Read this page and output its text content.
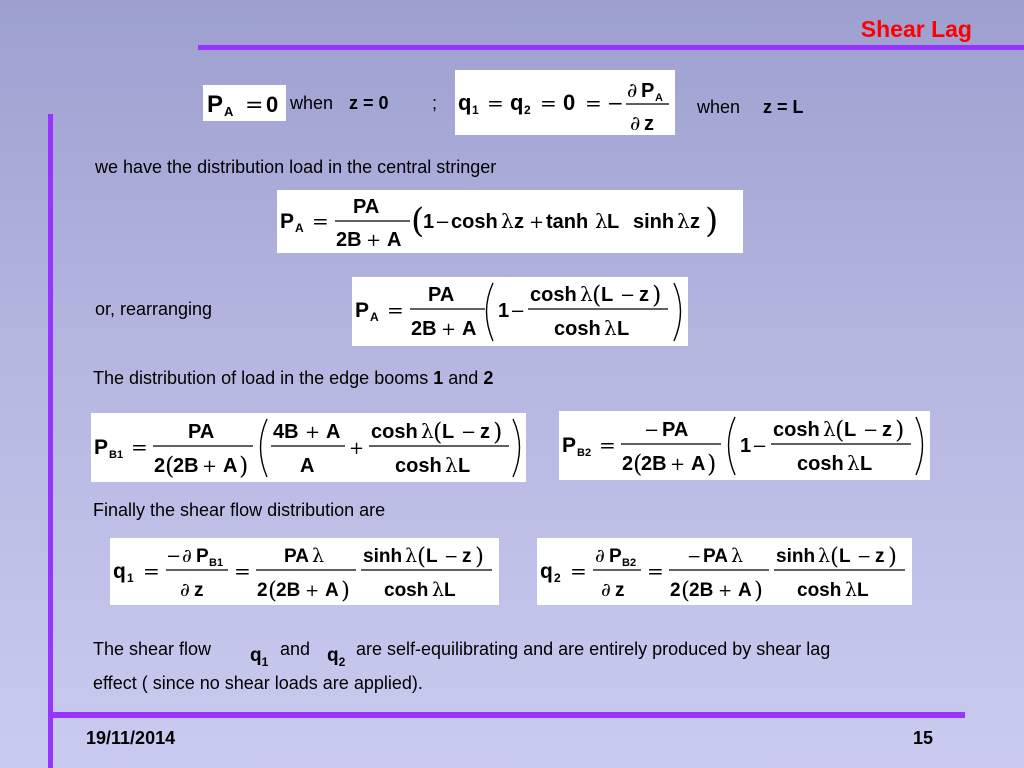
Shear Lag
P A = 0 when z = 0 ; q 1 = q 2 = 0 = −
∂ P A
∂ z
when z = L
we have the distribution load in the central stringer
P A =
PA
2B + A (
1 − cosh λ z + tanh λ L sinh λ z )
or, rearranging	P A =
PA
2B + A
1 −
cosh λ ( L − z )
cosh λ L
The distribution of load in the edge booms 1 and 2
P B1 =
PA
2 (
2B + A )
4B + A
A
+
cosh λ ( L − z )
cosh λ L
P B2 =
− PA
2 (
2B + A )
1 −
cosh λ ( L − z )
cosh λ L
Finally the shear flow distribution are
q 1 =
− ∂ P B1
∂ z
=
PA λ
2 ( 2B + A )
sinh λ ( L − z )
cosh λ L
q 2 =
∂ P B2
∂ z
=
− PA λ
2 ( 2B + A )
sinh λ ( L − z )
cosh λ L
The shear flow $q_1$
and $q_2$
are self-equilibrating and are entirely produced by shear lag
effect ( since no shear loads are applied).
19/11/2014	15
